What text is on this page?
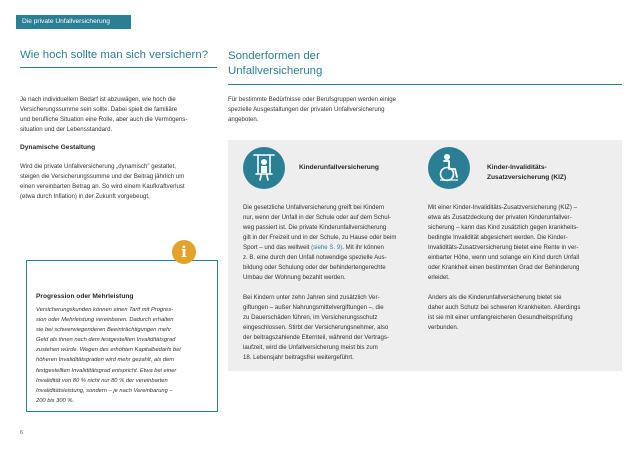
Die private Unfallversicherung
Wie hoch sollte man sich versichern?
Je nach individuellem Bedarf ist abzuwägen, wie hoch die
Versicherungssumme sein sollte. Dabei spielt die familiäre
und berufliche Situation eine Rolle, aber auch die Vermögens-
situation und der Lebensstandard.
Dynamische Gestaltung
Wird die private Unfallversicherung „dynamisch" gestaltet,
steigen die Versicherungssumme und der Beitrag jährlich um
einen vereinbarten Betrag an. So wird einem Kaufkraftverlust
(etwa durch Inflation) in der Zukunft vorgebeugt.
i
Progression oder Mehrleistung
Versicherungskunden können einen Tarif mit Progres-
sion oder Mehrleistung vereinbaren. Dadurch erhalten
sie bei schwerwiegenderen Beeinträchtigungen mehr
Geld als ihnen nach dem festgestellten Invaliditätsgrad
zustehen würde. Wegen des erhöhten Kapitalbedarfs bei
höheren Invaliditätsgraden wird mehr gezahlt, als dem
festgestellten Invaliditätsgrad entspricht. Etwa bei einer
Invalidität von 80 % nicht nur 80 % der vereinbarten
Invaliditätsleistung, sondern – je nach Vereinbarung –
200 bis 300 %.
Sonderformen der
Unfallversicherung
Für bestimmte Bedürfnisse oder Berufsgruppen werden einige
spezielle Ausgestaltungen der privaten Unfallversicherung
angeboten.
Kinderunfallversicherung
Die gesetzliche Unfallversicherung greift bei Kindern
nur, wenn der Unfall in der Schule oder auf dem Schul-
weg passiert ist. Die private Kinderunfallversicherung
gilt in der Freizeit und in der Schule, zu Hause oder beim
Sport – und das weltweit (siehe S. 9). Mit ihr können
z. B. eine durch den Unfall notwendige spezielle Aus-
bildung oder Schulung oder der behindertengerechte
Umbau der Wohnung bezahlt werden.
Bei Kindern unter zehn Jahren sind zusätzlich Ver-
giftungen – außer Nahrungsmittelvergiftungen –, die
zu Dauerschäden führen, im Versicherungsschutz
eingeschlossen. Stirbt der Versicherungsnehmer, also
der beitragszahlende Elternteil, während der Vertrags-
laufzeit, wird die Unfallversicherung meist bis zum
18. Lebensjahr beitragsfrei weitergeführt.
Kinder-Invaliditäts-
Zusatzversicherung (KIZ)
Mit einer Kinder-Invaliditäts-Zusatzversicherung (KIZ) –
etwa als Zusatzdeckung der privaten Kinderunfallver-
sicherung – kann das Kind zusätzlich gegen krankheits-
bedingte Invalidität abgesichert werden. Die Kinder-
Invaliditäts-Zusatzversicherung bietet eine Rente in ver-
einbarter Höhe, wenn und solange ein Kind durch Unfall
oder Krankheit einen bestimmten Grad der Behinderung
erleidet.
Anders als die Kinderunfallversicherung bietet sie
daher auch Schutz bei schweren Krankheiten. Allerdings
ist sie mit einer umfangreicheren Gesundheitsprüfung
verbunden.
6
